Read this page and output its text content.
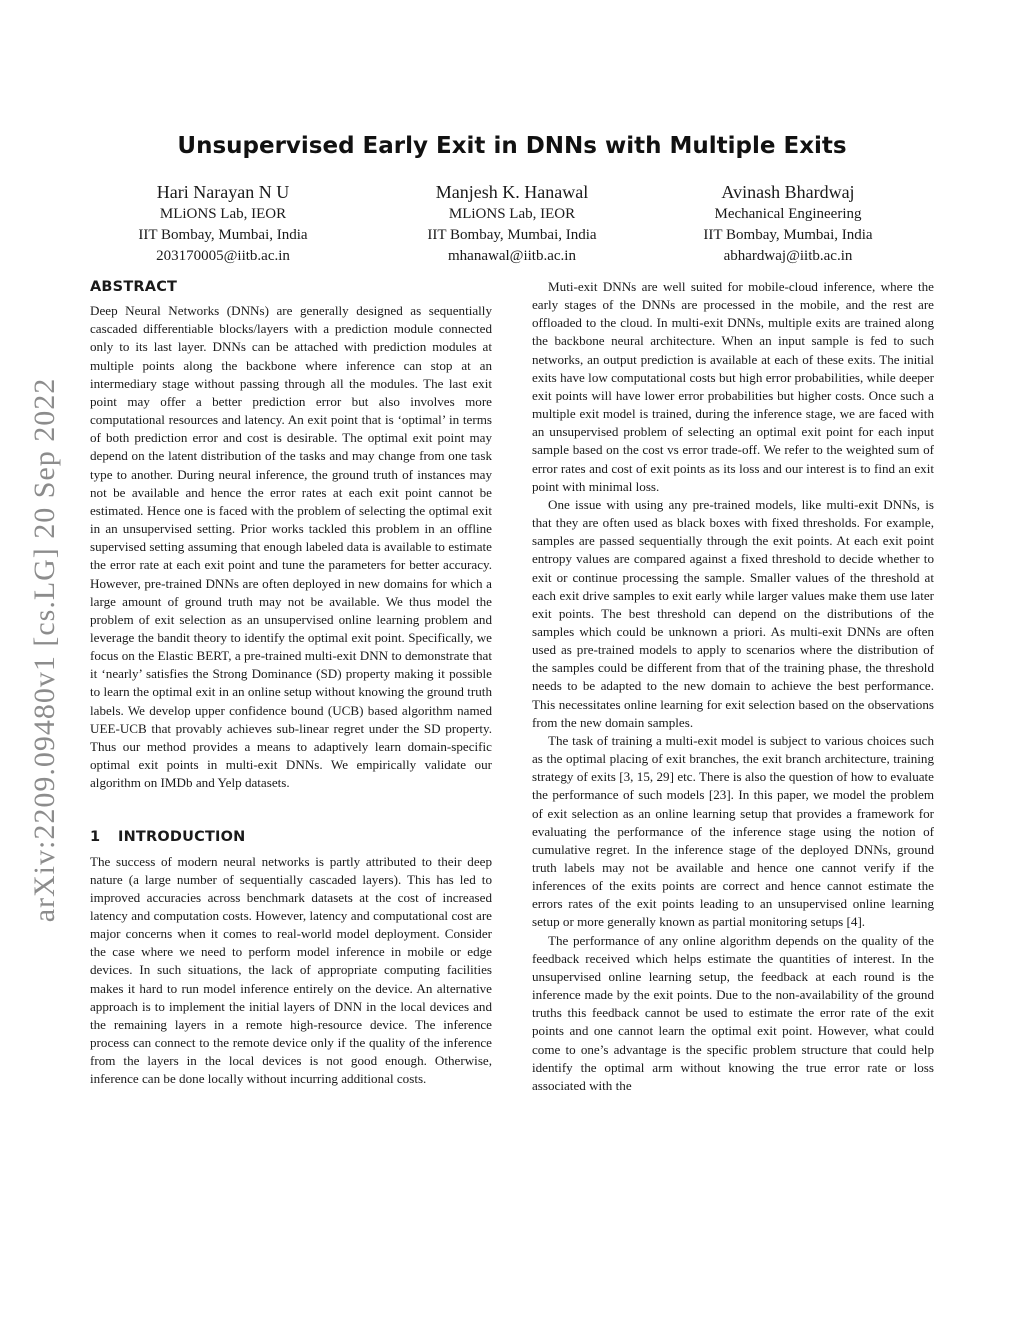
arXiv:2209.09480v1 [cs.LG] 20 Sep 2022
Unsupervised Early Exit in DNNs with Multiple Exits
Hari Narayan N U
MLiONS Lab, IEOR
IIT Bombay, Mumbai, India
203170005@iitb.ac.in
Manjesh K. Hanawal
MLiONS Lab, IEOR
IIT Bombay, Mumbai, India
mhanawal@iitb.ac.in
Avinash Bhardwaj
Mechanical Engineering
IIT Bombay, Mumbai, India
abhardwaj@iitb.ac.in
ABSTRACT

Deep Neural Networks (DNNs) are generally designed as sequentially cascaded differentiable blocks/layers with a prediction module connected only to its last layer. DNNs can be attached with prediction modules at multiple points along the backbone where inference can stop at an intermediary stage without passing through all the modules. The last exit point may offer a better prediction error but also involves more computational resources and latency. An exit point that is ‘optimal’ in terms of both prediction error and cost is desirable. The optimal exit point may depend on the latent distribution of the tasks and may change from one task type to another. During neural inference, the ground truth of instances may not be available and hence the error rates at each exit point cannot be estimated. Hence one is faced with the problem of selecting the optimal exit in an unsupervised setting. Prior works tackled this problem in an offline supervised setting assuming that enough labeled data is available to estimate the error rate at each exit point and tune the parameters for better accuracy. However, pre-trained DNNs are often deployed in new domains for which a large amount of ground truth may not be available. We thus model the problem of exit selection as an unsupervised online learning problem and leverage the bandit theory to identify the optimal exit point. Specifically, we focus on the Elastic BERT, a pre-trained multi-exit DNN to demonstrate that it ‘nearly’ satisfies the Strong Dominance (SD) property making it possible to learn the optimal exit in an online setup without knowing the ground truth labels. We develop upper confidence bound (UCB) based algorithm named UEE-UCB that provably achieves sub-linear regret under the SD property. Thus our method provides a means to adaptively learn domain-specific optimal exit points in multi-exit DNNs. We empirically validate our algorithm on IMDb and Yelp datasets.

1 INTRODUCTION

The success of modern neural networks is partly attributed to their deep nature (a large number of sequentially cascaded layers). This has led to improved accuracies across benchmark datasets at the cost of increased latency and computation costs. However, latency and computational cost are major concerns when it comes to real-world model deployment. Consider the case where we need to perform model inference in mobile or edge devices. In such situations, the lack of appropriate computing facilities makes it hard to run model inference entirely on the device. An alternative approach is to implement the initial layers of DNN in the local devices and the remaining layers in a remote high-resource device. The inference process can connect to the remote device only if the quality of the inference from the layers in the local devices is not good enough. Otherwise, inference can be done locally without incurring additional costs.

Muti-exit DNNs are well suited for mobile-cloud inference, where the early stages of the DNNs are processed in the mobile, and the rest are offloaded to the cloud. In multi-exit DNNs, multiple exits are trained along the backbone neural architecture. When an input sample is fed to such networks, an output prediction is available at each of these exits. The initial exits have low computational costs but high error probabilities, while deeper exit points will have lower error probabilities but higher costs. Once such a multiple exit model is trained, during the inference stage, we are faced with an unsupervised problem of selecting an optimal exit point for each input sample based on the cost vs error trade-off. We refer to the weighted sum of error rates and cost of exit points as its loss and our interest is to find an exit point with minimal loss.

One issue with using any pre-trained models, like multi-exit DNNs, is that they are often used as black boxes with fixed thresholds. For example, samples are passed sequentially through the exit points. At each exit point entropy values are compared against a fixed threshold to decide whether to exit or continue processing the sample. Smaller values of the threshold at each exit drive samples to exit early while larger values make them use later exit points. The best threshold can depend on the distributions of the samples which could be unknown a priori. As multi-exit DNNs are often used as pre-trained models to apply to scenarios where the distribution of the samples could be different from that of the training phase, the threshold needs to be adapted to the new domain to achieve the best performance. This necessitates online learning for exit selection based on the observations from the new domain samples.

The task of training a multi-exit model is subject to various choices such as the optimal placing of exit branches, the exit branch architecture, training strategy of exits [3, 15, 29] etc. There is also the question of how to evaluate the performance of such models [23]. In this paper, we model the problem of exit selection as an online learning setup that provides a framework for evaluating the performance of the inference stage using the notion of cumulative regret. In the inference stage of the deployed DNNs, ground truth labels may not be available and hence one cannot verify if the inferences of the exits points are correct and hence cannot estimate the errors rates of the exit points leading to an unsupervised online learning setup or more generally known as partial monitoring setups [4].

The performance of any online algorithm depends on the quality of the feedback received which helps estimate the quantities of interest. In the unsupervised online learning setup, the feedback at each round is the inference made by the exit points. Due to the non-availability of the ground truths this feedback cannot be used to estimate the error rate of the exit points and one cannot learn the optimal exit point. However, what could come to one’s advantage is the specific problem structure that could help identify the optimal arm without knowing the true error rate or loss associated with the
